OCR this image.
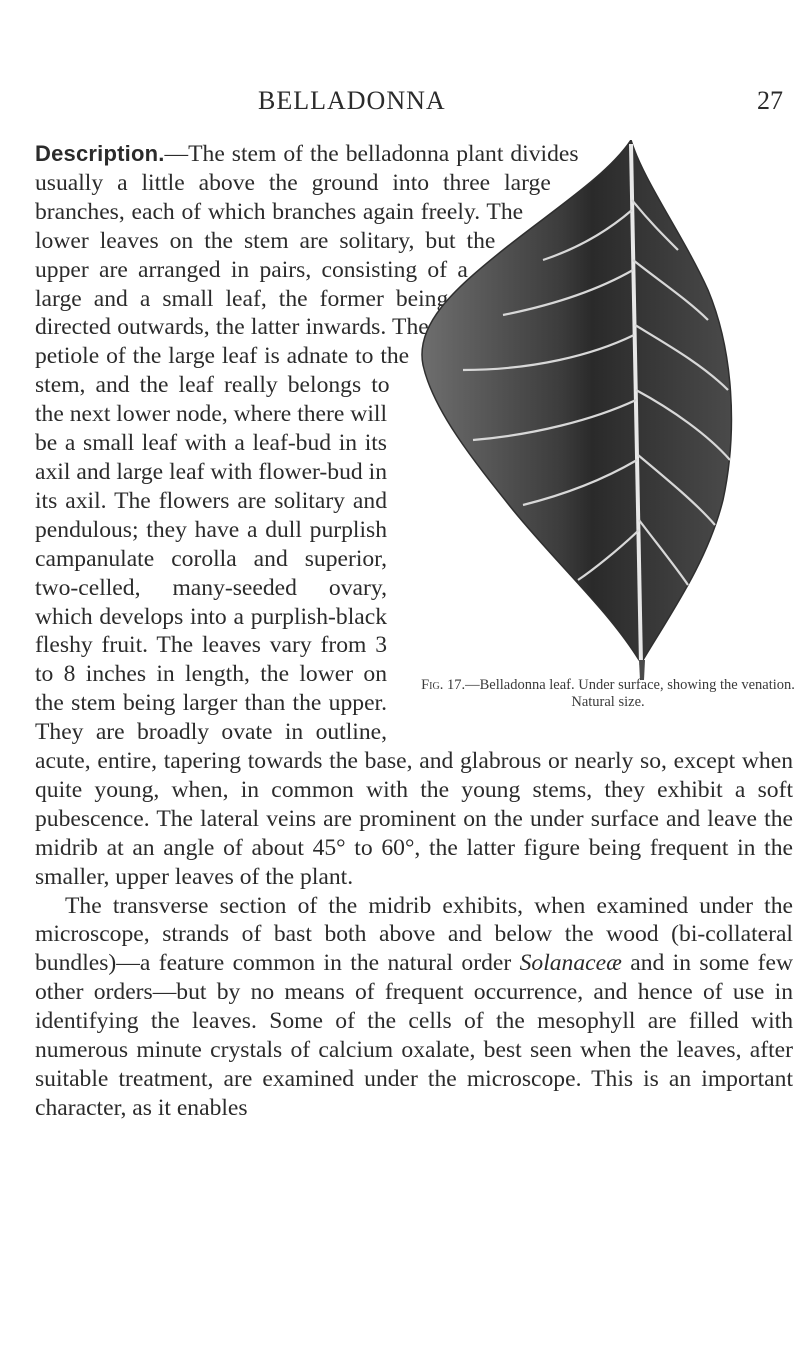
BELLADONNA	27
Fig. 17.—Belladonna leaf. Under surface, showing the venation. Natural size.

Description.—The stem of the belladonna plant divides usually a little above the ground into three large branches, each of which branches again freely. The lower leaves on the stem are solitary, but the upper are arranged in pairs, consisting of a large and a small leaf, the former being directed outwards, the latter inwards. The petiole of the large leaf is adnate to the stem, and the leaf really belongs to the next lower node, where there will be a small leaf with a leaf-bud in its axil and large leaf with flower-bud in its axil. The flowers are solitary and pendulous; they have a dull purplish campanulate corolla and superior, two-celled, many-seeded ovary, which develops into a purplish-black fleshy fruit. The leaves vary from 3 to 8 inches in length, the lower on the stem being larger than the upper. They are broadly ovate in outline, acute, entire, tapering towards the base, and glabrous or nearly so, except when quite young, when, in common with the young stems, they exhibit a soft pubescence. The lateral veins are prominent on the under surface and leave the midrib at an angle of about 45° to 60°, the latter figure being frequent in the smaller, upper leaves of the plant.

The transverse section of the midrib exhibits, when examined under the microscope, strands of bast both above and below the wood (bi-collateral bundles)—a feature common in the natural order Solanaceæ and in some few other orders—but by no means of frequent occurrence, and hence of use in identifying the leaves. Some of the cells of the mesophyll are filled with numerous minute crystals of calcium oxalate, best seen when the leaves, after suitable treatment, are examined under the microscope. This is an important character, as it enables
